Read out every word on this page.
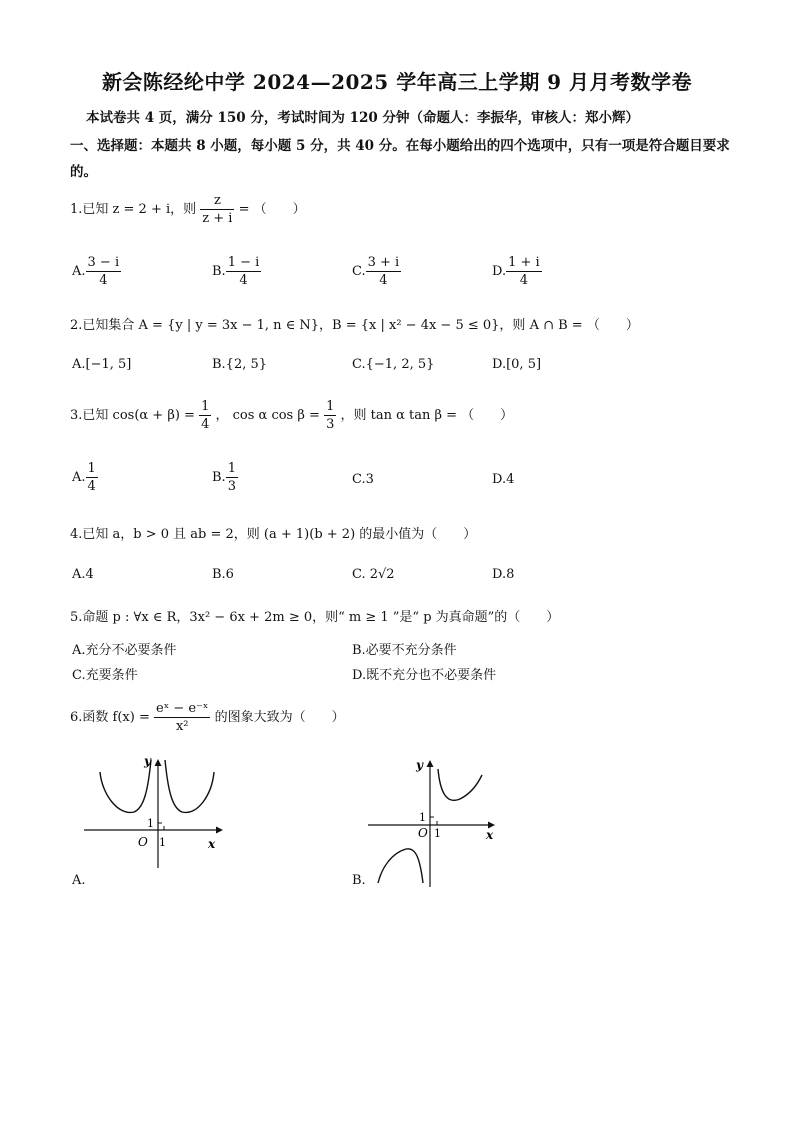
新会陈经纶中学 2024—2025 学年高三上学期 9 月月考数学卷
本试卷共 4 页，满分 150 分，考试时间为 120 分钟（命题人：李振华，审核人：郑小辉）
一、选择题：本题共 8 小题，每小题 5 分，共 40 分。在每小题给出的四个选项中，只有一项是符合题目要求的。
1.已知 z = 2 + i，则 $\frac{z}{z + i}$ = （　　）
A. $\frac{3 - i}{4}$	B. $\frac{1 - i}{4}$	C. $\frac{3 + i}{4}$	D. $\frac{1 + i}{4}$
2.已知集合 A = {y | y = 3x − 1, n ∈ N}，B = {x | x² − 4x − 5 ≤ 0}，则 A ∩ B = （　　）
A.[−1, 5]	B.{2, 5}	C.{−1, 2, 5}	D.[0, 5]
3.已知 $\cos(\alpha + \beta) = \frac{1}{4}$ ， cos α $\cos \beta = \frac{1}{3}$ ，则 tan α tan β = （　　）
A. $\frac{1}{4}$	B. $\frac{1}{3}$	C.3	D.4
4.已知 a，b > 0 且 ab = 2，则 (a + 1)(b + 2) 的最小值为（　　）
A.4	B.6	C. 2√2	D.8
5.命题 p : ∀x ∈ R，3x² − 6x + 2m ≥ 0，则“ m ≥ 1 ”是“ p 为真命题”的（　　）
A.充分不必要条件	B.必要不充分条件
C.充要条件	D.既不充分也不必要条件
6.函数 $f(x) = \frac{\text{eˣ − e⁻ˣ}}{\text{x²}}$ 的图象大致为（　　）
y
x
O 1
1
A.
y
x
O 1
1
B.
